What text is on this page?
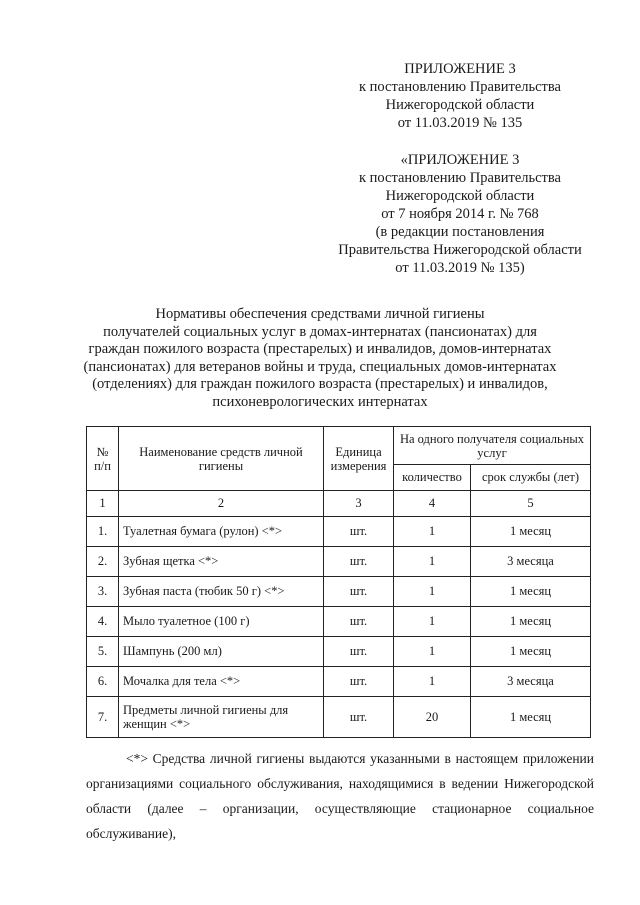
ПРИЛОЖЕНИЕ 3
к постановлению Правительства
Нижегородской области
от 11.03.2019 № 135
«ПРИЛОЖЕНИЕ 3
к постановлению Правительства
Нижегородской области
от 7 ноября 2014 г. № 768
(в редакции постановления
Правительства Нижегородской области
от 11.03.2019 № 135)
Нормативы обеспечения средствами личной гигиены
получателей социальных услуг в домах-интернатах (пансионатах) для
граждан пожилого возраста (престарелых) и инвалидов, домов-интернатах
(пансионатах) для ветеранов войны и труда, специальных домов-интернатах
(отделениях) для граждан пожилого возраста (престарелых) и инвалидов,
психоневрологических интернатах
№ п/п	Наименование средств личной гигиены	Единица измерения	На одного получателя социальных услуг	
			количество	срок службы (лет)
1	2	3	4	5
1.	Туалетная бумага (рулон) <*>	шт.	1	1 месяц
2.	Зубная щетка <*>	шт.	1	3 месяца
3.	Зубная паста (тюбик 50 г) <*>	шт.	1	1 месяц
4.	Мыло туалетное (100 г)	шт.	1	1 месяц
5.	Шампунь (200 мл)	шт.	1	1 месяц
6.	Мочалка для тела <*>	шт.	1	3 месяца
7.	Предметы личной гигиены для женщин <*>	шт.	20	1 месяц
<*> Средства личной гигиены выдаются указанными в настоящем приложении организациями социального обслуживания, находящимися в ведении Нижегородской области (далее – организации, осуществляющие стационарное социальное обслуживание),
